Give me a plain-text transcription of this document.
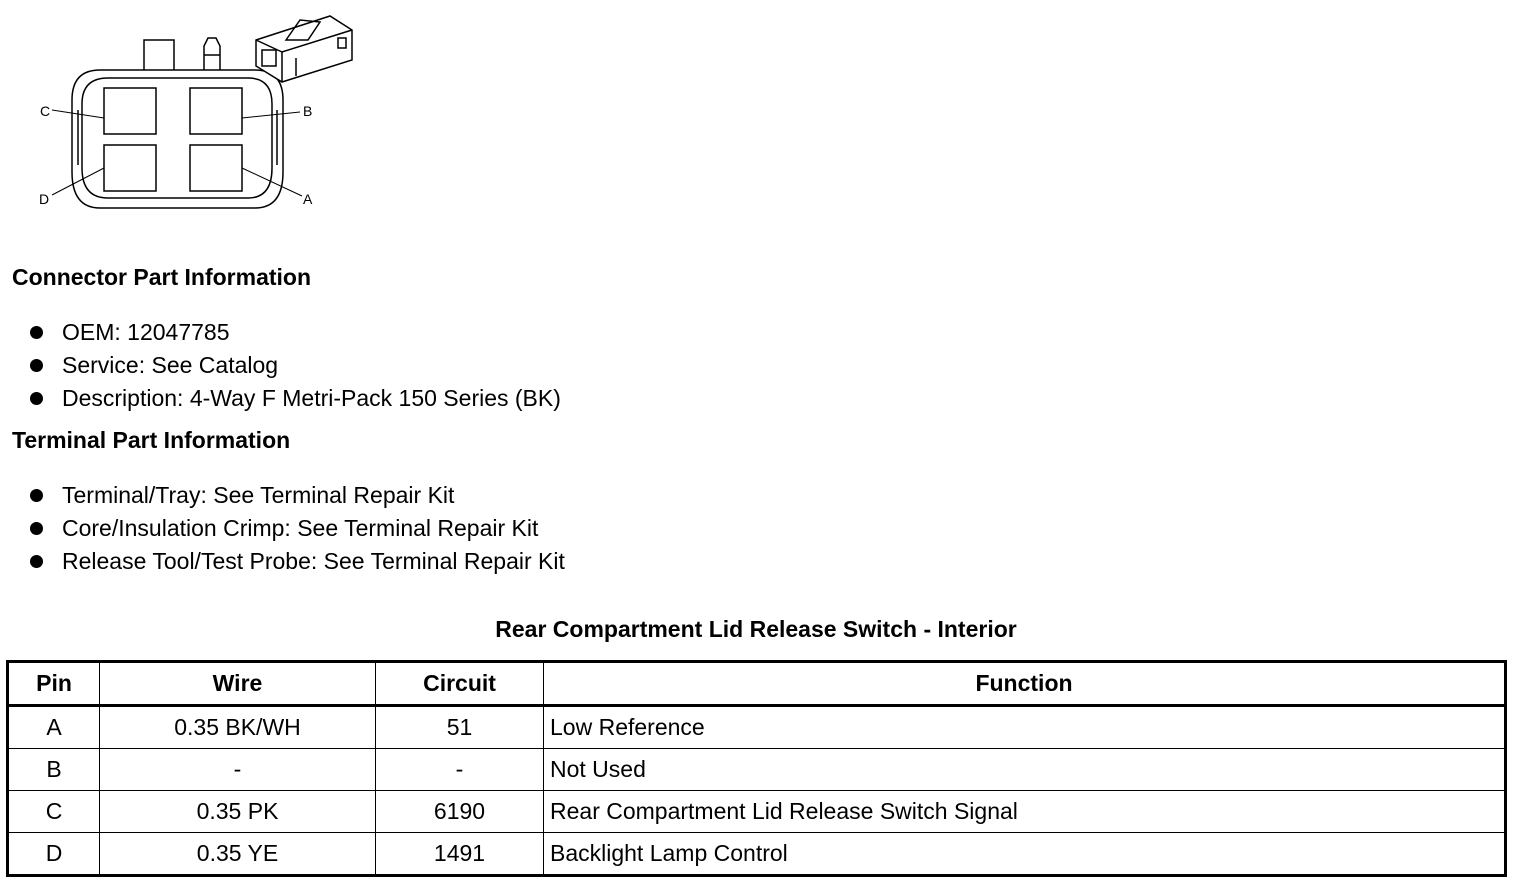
C
D
B
A
Connector Part Information
OEM: 12047785
Service: See Catalog
Description: 4-Way F Metri-Pack 150 Series (BK)
Terminal Part Information
Terminal/Tray: See Terminal Repair Kit
Core/Insulation Crimp: See Terminal Repair Kit
Release Tool/Test Probe: See Terminal Repair Kit
Rear Compartment Lid Release Switch - Interior
Pin	Wire	Circuit	Function
A	0.35 BK/WH	51	Low Reference
B	-	-	Not Used
C	0.35 PK	6190	Rear Compartment Lid Release Switch Signal
D	0.35 YE	1491	Backlight Lamp Control
